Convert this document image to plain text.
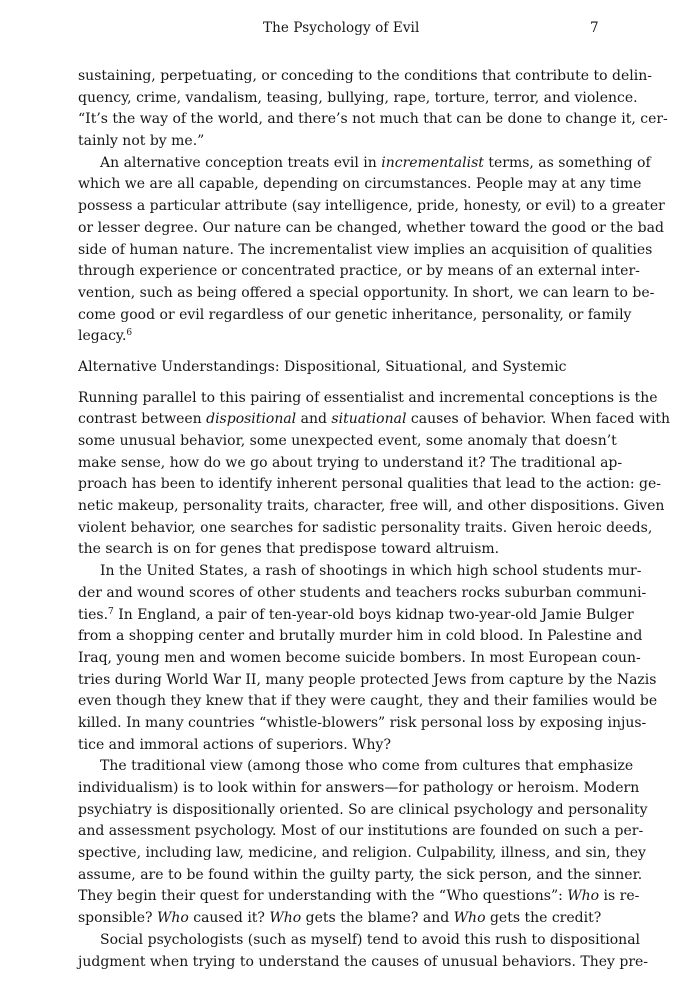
The Psychology of Evil	7
sustaining, perpetuating, or conceding to the conditions that contribute to delin-
quency, crime, vandalism, teasing, bullying, rape, torture, terror, and violence.
“It’s the way of the world, and there’s not much that can be done to change it, cer-
tainly not by me.”
An alternative conception treats evil in incrementalist terms, as something of
which we are all capable, depending on circumstances. People may at any time
possess a particular attribute (say intelligence, pride, honesty, or evil) to a greater
or lesser degree. Our nature can be changed, whether toward the good or the bad
side of human nature. The incrementalist view implies an acquisition of qualities
through experience or concentrated practice, or by means of an external inter-
vention, such as being offered a special opportunity. In short, we can learn to be-
come good or evil regardless of our genetic inheritance, personality, or family
legacy.$^6$
Alternative Understandings: Dispositional, Situational, and Systemic
Running parallel to this pairing of essentialist and incremental conceptions is the
contrast between dispositional and situational causes of behavior. When faced with
some unusual behavior, some unexpected event, some anomaly that doesn’t
make sense, how do we go about trying to understand it? The traditional ap-
proach has been to identify inherent personal qualities that lead to the action: ge-
netic makeup, personality traits, character, free will, and other dispositions. Given
violent behavior, one searches for sadistic personality traits. Given heroic deeds,
the search is on for genes that predispose toward altruism.
In the United States, a rash of shootings in which high school students mur-
der and wound scores of other students and teachers rocks suburban communi-
ties.$^7$ In England, a pair of ten-year-old boys kidnap two-year-old Jamie Bulger
from a shopping center and brutally murder him in cold blood. In Palestine and
Iraq, young men and women become suicide bombers. In most European coun-
tries during World War II, many people protected Jews from capture by the Nazis
even though they knew that if they were caught, they and their families would be
killed. In many countries “whistle-blowers” risk personal loss by exposing injus-
tice and immoral actions of superiors. Why?
The traditional view (among those who come from cultures that emphasize
individualism) is to look within for answers—for pathology or heroism. Modern
psychiatry is dispositionally oriented. So are clinical psychology and personality
and assessment psychology. Most of our institutions are founded on such a per-
spective, including law, medicine, and religion. Culpability, illness, and sin, they
assume, are to be found within the guilty party, the sick person, and the sinner.
They begin their quest for understanding with the “Who questions”: Who is re-
sponsible? Who caused it? Who gets the blame? and Who gets the credit?
Social psychologists (such as myself) tend to avoid this rush to dispositional
judgment when trying to understand the causes of unusual behaviors. They pre-
